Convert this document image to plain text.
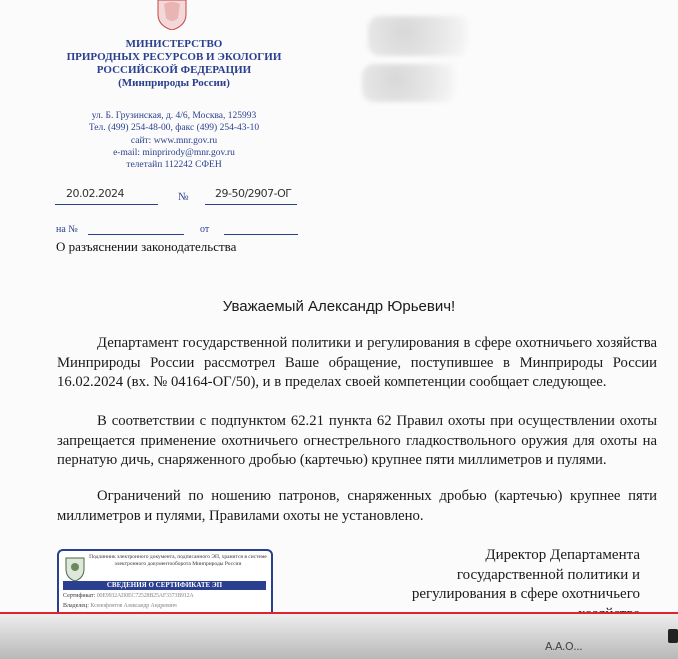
МИНИСТЕРСТВО
ПРИРОДНЫХ РЕСУРСОВ И ЭКОЛОГИИ
РОССИЙСКОЙ ФЕДЕРАЦИИ
(Минприроды России)
ул. Б. Грузинская, д. 4/6, Москва, 125993
Тел. (499) 254-48-00, факс (499) 254-43-10
сайт: www.mnr.gov.ru
e-mail: minprirody@mnr.gov.ru
телетайп 112242 СФЕН
20.02.2024	№ 29-50/2907-ОГ
на №	от
О разъяснении законодательства
Уважаемый Александр Юрьевич!
Департамент государственной политики и регулирования в сфере охотничьего хозяйства Минприроды России рассмотрел Ваше обращение, поступившее в Минприроды России 16.02.2024 (вх. № 04164-ОГ/50), и в пределах своей компетенции сообщает следующее.
В соответствии с подпунктом 62.21 пункта 62 Правил охоты при осуществлении охоты запрещается применение охотничьего огнестрельного гладкоствольного оружия для охоты на пернатую дичь, снаряженного дробью (картечью) крупнее пяти миллиметров и пулями.
Ограничений по ношению патронов, снаряженных дробью (картечью) крупнее пяти миллиметров и пулями, Правилами охоты не установлено.
Подлинник электронного документа, подписанного ЭП, хранится в системе электронного документооборота Минприроды России
СВЕДЕНИЯ О СЕРТИФИКАТЕ ЭП
Сертификат: 00E9932AD0EC72528B25AF3373B912A
Владелец: Ксенофонтов Александр Андреевич
Директор Департамента
государственной политики и
регулирования в сфере охотничьего
А.А.О...
